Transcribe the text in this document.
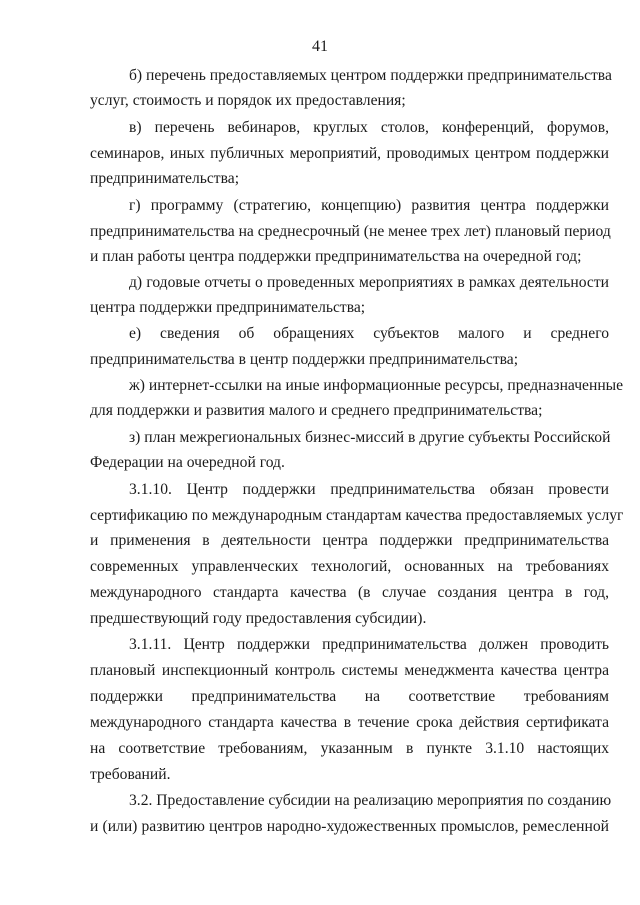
41
б) перечень предоставляемых центром поддержки предпринимательства
услуг, стоимость и порядок их предоставления;
в) перечень вебинаров, круглых столов, конференций, форумов,
семинаров, иных публичных мероприятий, проводимых центром поддержки
предпринимательства;
г) программу (стратегию, концепцию) развития центра поддержки
предпринимательства на среднесрочный (не менее трех лет) плановый период
и план работы центра поддержки предпринимательства на очередной год;
д) годовые отчеты о проведенных мероприятиях в рамках деятельности
центра поддержки предпринимательства;
е) сведения об обращениях субъектов малого и среднего
предпринимательства в центр поддержки предпринимательства;
ж) интернет-ссылки на иные информационные ресурсы, предназначенные
для поддержки и развития малого и среднего предпринимательства;
з) план межрегиональных бизнес-миссий в другие субъекты Российской
Федерации на очередной год.
3.1.10. Центр поддержки предпринимательства обязан провести
сертификацию по международным стандартам качества предоставляемых услуг
и применения в деятельности центра поддержки предпринимательства
современных управленческих технологий, основанных на требованиях
международного стандарта качества (в случае создания центра в год,
предшествующий году предоставления субсидии).
3.1.11. Центр поддержки предпринимательства должен проводить
плановый инспекционный контроль системы менеджмента качества центра
поддержки предпринимательства на соответствие требованиям
международного стандарта качества в течение срока действия сертификата
на соответствие требованиям, указанным в пункте 3.1.10 настоящих
требований.
3.2. Предоставление субсидии на реализацию мероприятия по созданию
и (или) развитию центров народно-художественных промыслов, ремесленной
